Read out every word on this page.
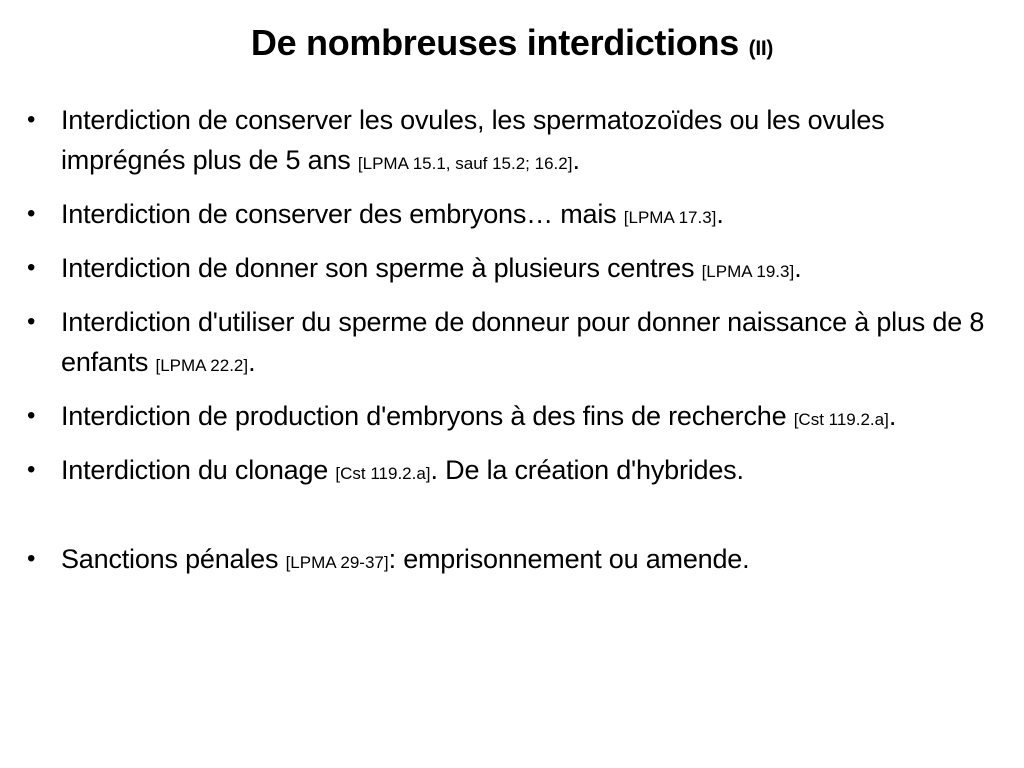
De nombreuses interdictions (II)
• Interdiction de conserver les ovules, les spermatozoïdes ou les ovules imprégnés plus de 5 ans [LPMA 15.1, sauf 15.2; 16.2].
• Interdiction de conserver des embryons… mais [LPMA 17.3].
• Interdiction de donner son sperme à plusieurs centres [LPMA 19.3].
• Interdiction d'utiliser du sperme de donneur pour donner naissance à plus de 8 enfants [LPMA 22.2].
• Interdiction de production d'embryons à des fins de recherche [Cst 119.2.a].
• Interdiction du clonage [Cst 119.2.a]. De la création d'hybrides.
• Sanctions pénales [LPMA 29-37]: emprisonnement ou amende.
